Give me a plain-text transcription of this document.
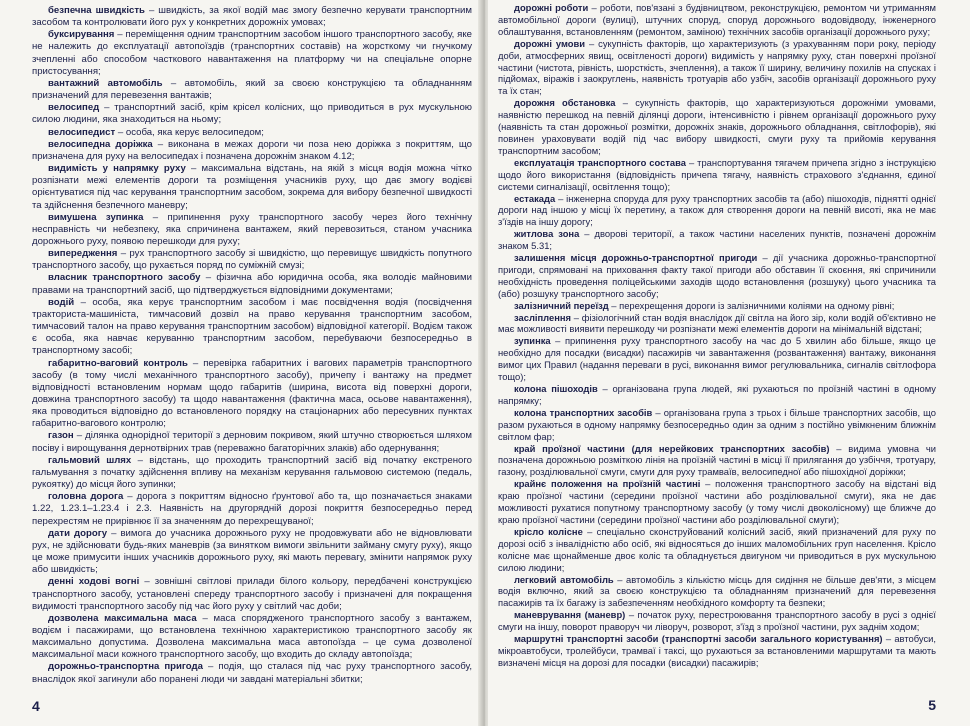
безпечна швидкість – швидкість, за якої водій має змогу безпечно керувати транспортним засобом та контролювати його рух у конкретних дорожніх умовах;

буксирування – переміщення одним транспортним засобом іншого транспортного засобу, яке не належить до експлуатації автопоїздів (транспортних составів) на жорсткому чи гнучкому зчепленні або способом часткового навантаження на платформу чи на спеціальне опорне пристосування;

вантажний автомобіль – автомобіль, який за своєю конструкцією та обладнанням призначений для перевезення вантажів;

велосипед – транспортний засіб, крім крісел колісних, що приводиться в рух мускульною силою людини, яка знаходиться на ньому;

велосипедист – особа, яка керує велосипедом;

велосипедна доріжка – виконана в межах дороги чи поза нею доріжка з покриттям, що призначена для руху на велосипедах і позначена дорожнім знаком 4.12;

видимість у напрямку руху – максимальна відстань, на якій з місця водія можна чітко розпізнати межі елементів дороги та розміщення учасників руху, що дає змогу водієві орієнтуватися під час керування транспортним засобом, зокрема для вибору безпечної швидкості та здійснення безпечного маневру;

вимушена зупинка – припинення руху транспортного засобу через його технічну несправність чи небезпеку, яка спричинена вантажем, який перевозиться, станом учасника дорожнього руху, появою перешкоди для руху;

випередження – рух транспортного засобу зі швидкістю, що перевищує швидкість попутного транспортного засобу, що рухається поряд по суміжній смузі;

власник транспортного засобу – фізична або юридична особа, яка володіє майновими правами на транспортний засіб, що підтверджується відповідними документами;

водій – особа, яка керує транспортним засобом і має посвідчення водія (посвідчення тракториста-машиніста, тимчасовий дозвіл на право керування транспортним засобом, тимчасовий талон на право керування транспортним засобом) відповідної категорії. Водієм також є особа, яка навчає керуванню транспортним засобом, перебуваючи безпосередньо в транспортному засобі;

габаритно-ваговий контроль – перевірка габаритних і вагових параметрів транспортного засобу (в тому числі механічного транспортного засобу), причепу і вантажу на предмет відповідності встановленим нормам щодо габаритів (ширина, висота від поверхні дороги, довжина транспортного засобу) та щодо навантаження (фактична маса, осьове навантаження), яка проводиться відповідно до встановленого порядку на стаціонарних або пересувних пунктах габаритно-вагового контролю;

газон – ділянка однорідної території з дерновим покривом, який штучно створюється шляхом посіву і вирощування дернотвірних трав (переважно багаторічних злаків) або одернування;

гальмовий шлях – відстань, що проходить транспортний засіб від початку екстреного гальмування з початку здійснення впливу на механізм керування гальмовою системою (педаль, рукоятку) до місця його зупинки;

головна дорога – дорога з покриттям відносно ґрунтової або та, що позначається знаками 1.22, 1.23.1–1.23.4 і 2.3. Наявність на другорядній дорозі покриття безпосередньо перед перехрестям не прирівнює її за значенням до перехрещуваної;

дати дорогу – вимога до учасника дорожнього руху не продовжувати або не відновлювати рух, не здійснювати будь-яких маневрів (за винятком вимоги звільнити займану смугу руху), якщо це може примусити інших учасників дорожнього руху, які мають перевагу, змінити напрямок руху або швидкість;

денні ходові вогні – зовнішні світлові прилади білого кольору, передбачені конструкцією транспортного засобу, установлені спереду транспортного засобу і призначені для покращення видимості транспортного засобу під час його руху у світлий час доби;

дозволена максимальна маса – маса спорядженого транспортного засобу з вантажем, водієм і пасажирами, що встановлена технічною характеристикою транспортного засобу як максимально допустима. Дозволена максимальна маса автопоїзда – це сума дозволеної максимальної маси кожного транспортного засобу, що входить до складу автопоїзда;

дорожньо-транспортна пригода – подія, що сталася під час руху транспортного засобу, внаслідок якої загинули або поранені люди чи завдані матеріальні збитки;

4

дорожні роботи – роботи, пов'язані з будівництвом, реконструкцією, ремонтом чи утриманням автомобільної дороги (вулиці), штучних споруд, споруд дорожнього водовідводу, інженерного облаштування, встановленням (ремонтом, заміною) технічних засобів організації дорожнього руху;

дорожні умови – сукупність факторів, що характеризують (з урахуванням пори року, періоду доби, атмосферних явищ, освітленості дороги) видимість у напрямку руху, стан поверхні проїзної частини (чистота, рівність, шорсткість, зчеплення), а також її ширину, величину похилів на спусках і підйомах, віражів і заокруглень, наявність тротуарів або узбіч, засобів організації дорожнього руху та їх стан;

дорожня обстановка – сукупність факторів, що характеризуються дорожніми умовами, наявністю перешкод на певній ділянці дороги, інтенсивністю і рівнем організації дорожнього руху (наявність та стан дорожньої розмітки, дорожніх знаків, дорожнього обладнання, світлофорів), які повинен ураховувати водій під час вибору швидкості, смуги руху та прийомів керування транспортним засобом;

експлуатація транспортного состава – транспортування тягачем причепа згідно з інструкцією щодо його використання (відповідність причепа тягачу, наявність страхового з'єднання, єдиної системи сигналізації, освітлення тощо);

естакада – інженерна споруда для руху транспортних засобів та (або) пішоходів, піднятті однієї дороги над іншою у місці їх перетину, а також для створення дороги на певній висоті, яка не має з'їздів на іншу дорогу;

житлова зона – дворові території, а також частини населених пунктів, позначені дорожнім знаком 5.31;

залишення місця дорожньо-транспортної пригоди – дії учасника дорожньо-транспортної пригоди, спрямовані на приховання факту такої пригоди або обставин її скоєння, які спричинили необхідність проведення поліцейськими заходів щодо встановлення (розшуку) цього учасника та (або) розшуку транспортного засобу;

залізничний переїзд – перехрещення дороги із залізничними коліями на одному рівні;

засліплення – фізіологічний стан водія внаслідок дії світла на його зір, коли водій об'єктивно не має можливості виявити перешкоду чи розпізнати межі елементів дороги на мінімальній відстані;

зупинка – припинення руху транспортного засобу на час до 5 хвилин або більше, якщо це необхідно для посадки (висадки) пасажирів чи завантаження (розвантаження) вантажу, виконання вимог цих Правил (надання переваги в русі, виконання вимог регулювальника, сигналів світлофора тощо);

колона пішоходів – організована група людей, які рухаються по проїзній частині в одному напрямку;

колона транспортних засобів – організована група з трьох і більше транспортних засобів, що разом рухаються в одному напрямку безпосередньо один за одним з постійно увімкненим ближнім світлом фар;

край проїзної частини (для нерейкових транспортних засобів) – видима умовна чи позначена дорожньою розміткою лінія на проїзній частині в місці її прилягання до узбіччя, тротуару, газону, розділювальної смуги, смуги для руху трамваїв, велосипедної або пішохідної доріжки;

крайнє положення на проїзній частині – положення транспортного засобу на відстані від краю проїзної частини (середини проїзної частини або розділювальної смуги), яка не дає можливості рухатися попутному транспортному засобу (у тому числі двоколісному) ще ближче до краю проїзної частини (середини проїзної частини або розділювальної смуги);

крісло колісне – спеціально сконструйований колісний засіб, який призначений для руху по дорозі осіб з інвалідністю або осіб, які відносяться до інших маломобільних груп населення. Крісло колісне має щонайменше двоє коліс та обладнується двигуном чи приводиться в рух мускульною силою людини;

легковий автомобіль – автомобіль з кількістю місць для сидіння не більше дев'яти, з місцем водія включно, який за своєю конструкцією та обладнанням призначений для перевезення пасажирів та їх багажу із забезпеченням необхідного комфорту та безпеки;

маневрування (маневр) – початок руху, перестроювання транспортного засобу в русі з однієї смуги на іншу, поворот праворуч чи ліворуч, розворот, з'їзд з проїзної частини, рух заднім ходом;

маршрутні транспортні засоби (транспортні засоби загального користування) – автобуси, мікроавтобуси, тролейбуси, трамваї і таксі, що рухаються за встановленими маршрутами та мають визначені місця на дорозі для посадки (висадки) пасажирів;

5
